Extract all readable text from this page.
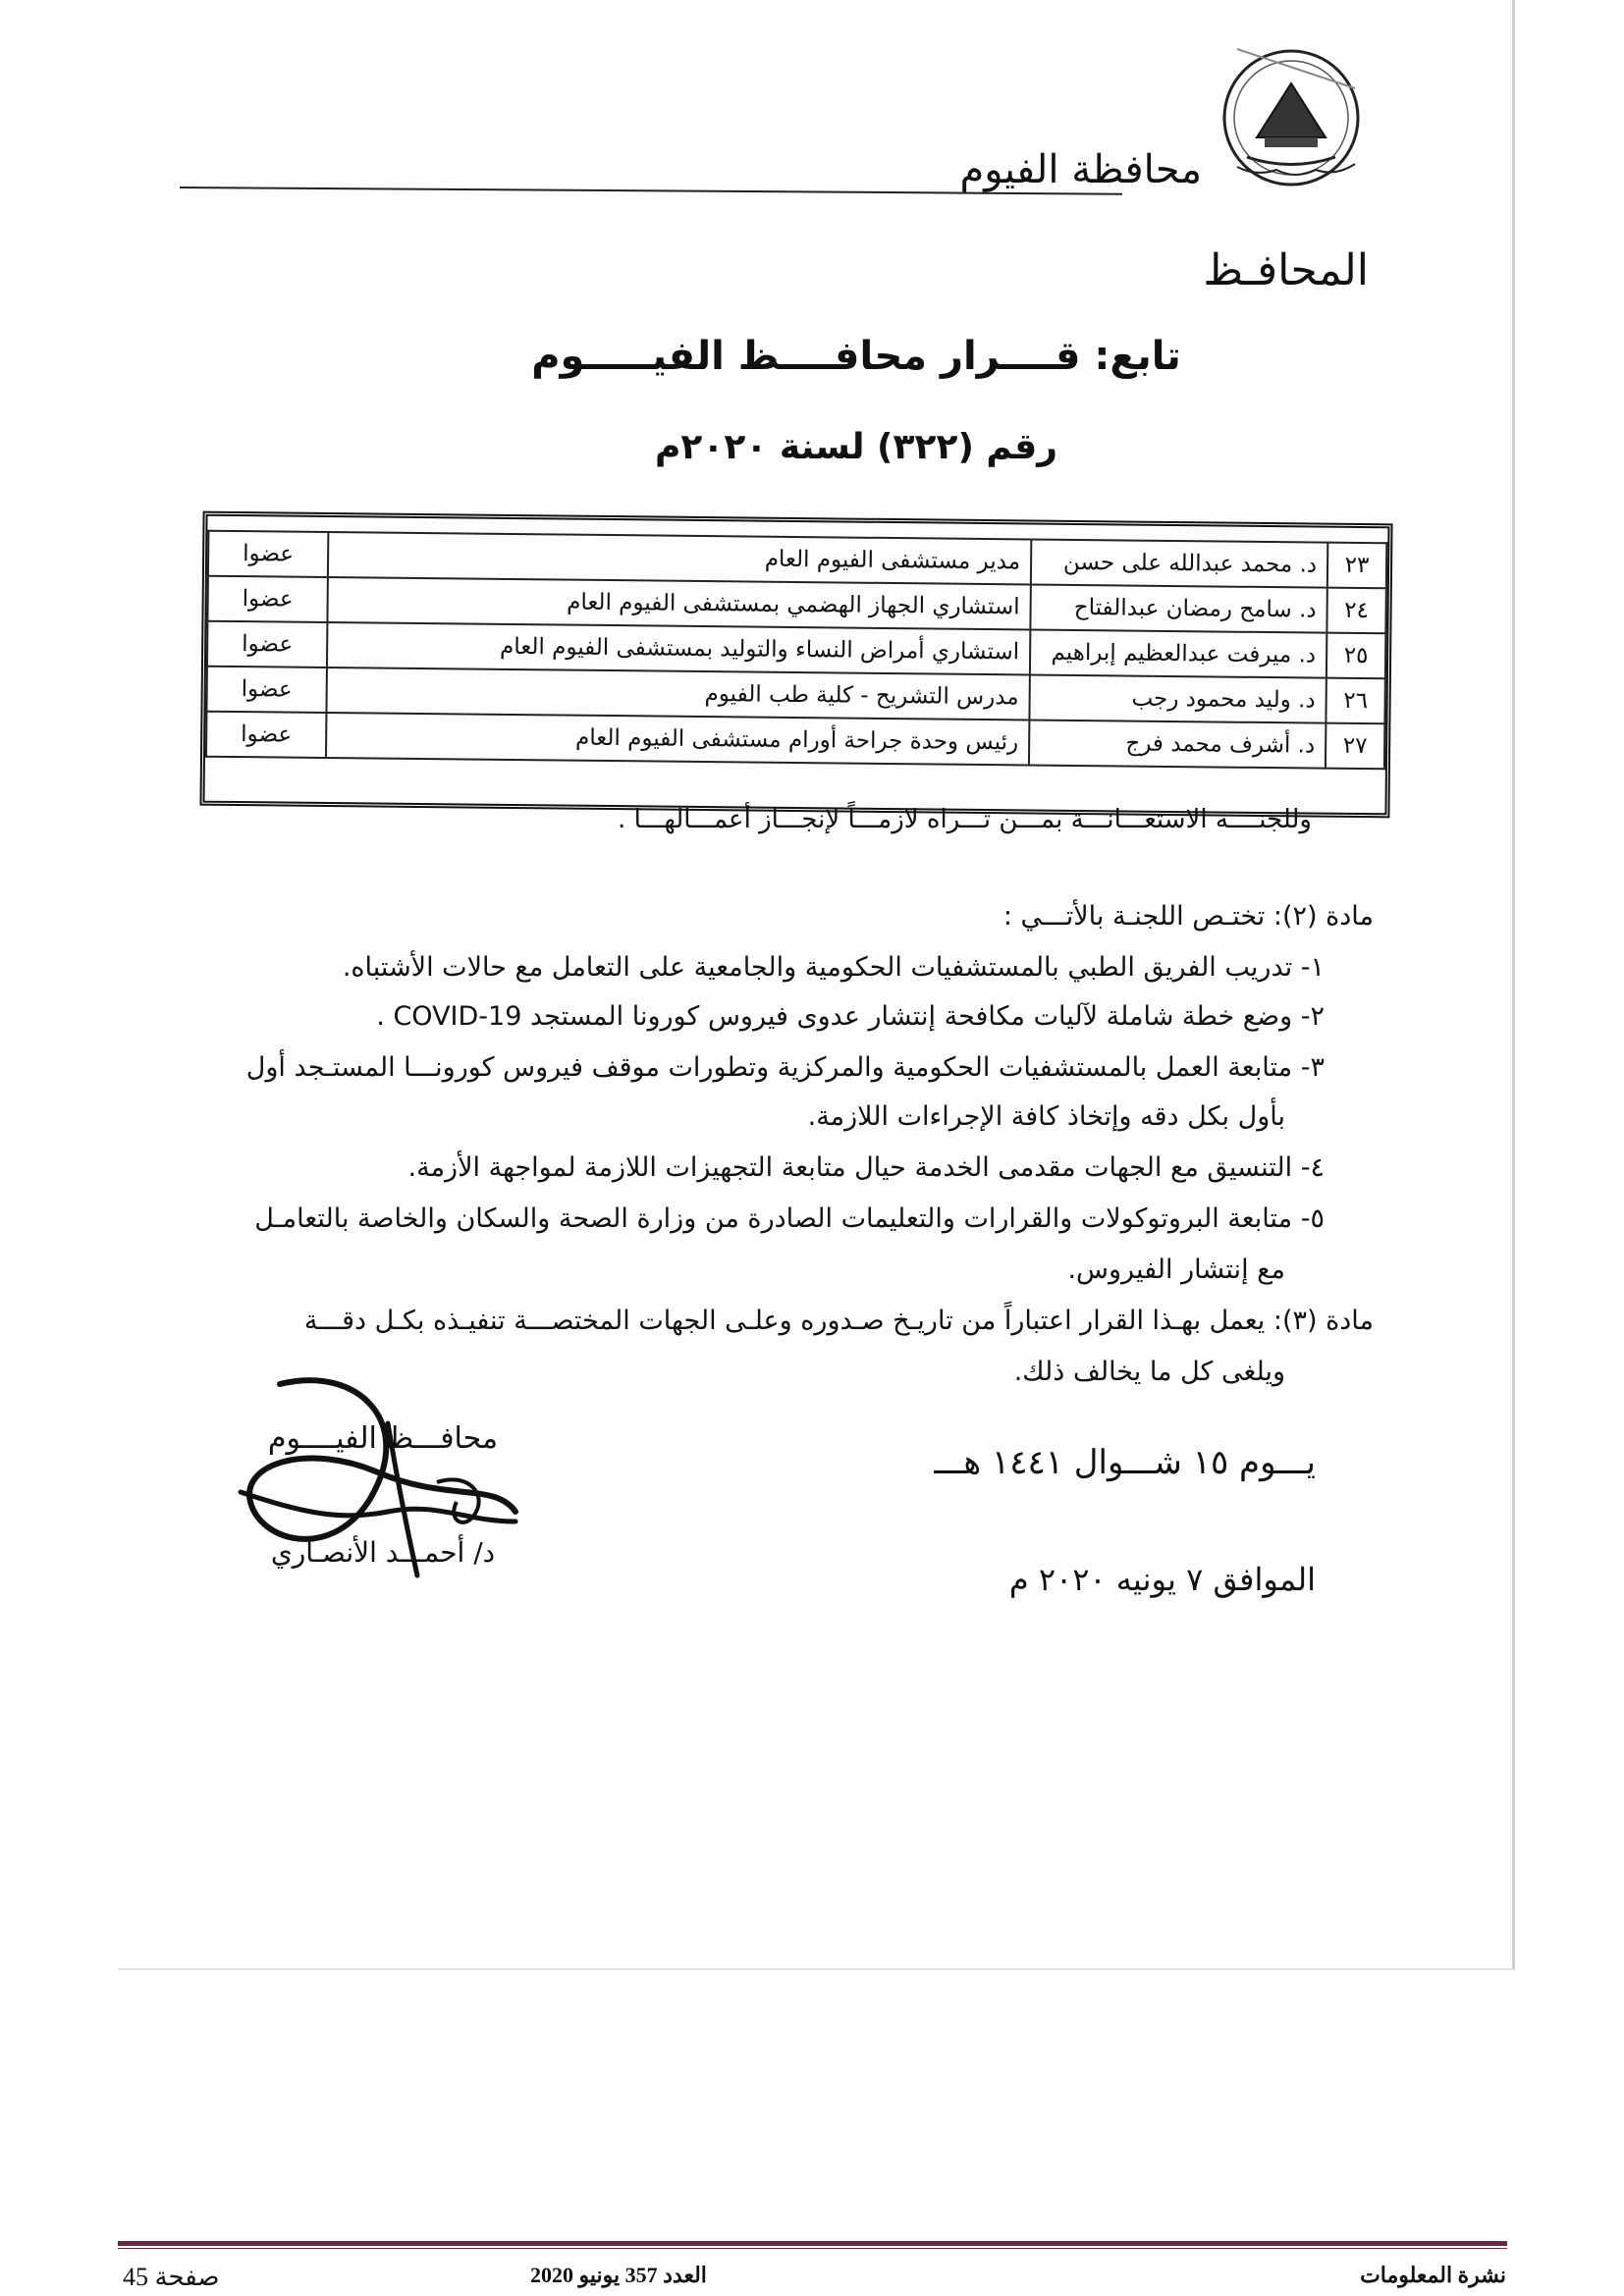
محافظة الفيوم
المحافـظ
تابع: قــــرار محافــــظ الفيـــــوم
رقم (٣٢٢) لسنة ٢٠٢٠م
٢٣	د. محمد عبدالله على حسن	مدير مستشفى الفيوم العام	عضوا
٢٤	د. سامح رمضان عبدالفتاح	استشاري الجهاز الهضمي بمستشفى الفيوم العام	عضوا
٢٥	د. ميرفت عبدالعظيم إبراهيم	استشاري أمراض النساء والتوليد بمستشفى الفيوم العام	عضوا
٢٦	د. وليد محمود رجب	مدرس التشريح - كلية طب الفيوم	عضوا
٢٧	د. أشرف محمد فرج	رئيس وحدة جراحة أورام مستشفى الفيوم العام	عضوا
وللجنــــة الاستعـــانـــة بمـــن تـــراه لازمـــاً لإنجـــاز أعمـــالهـــا .
مادة (٢): تختـص اللجنـة بالأتـــي :
١- تدريب الفريق الطبي بالمستشفيات الحكومية والجامعية على التعامل مع حالات الأشتباه.
٢- وضع خطة شاملة لآليات مكافحة إنتشار عدوى فيروس كورونا المستجد COVID-19 .
٣- متابعة العمل بالمستشفيات الحكومية والمركزية وتطورات موقف فيروس كورونـــا المستـجد أول
بأول بكل دقه وإتخاذ كافة الإجراءات اللازمة.
٤- التنسيق مع الجهات مقدمى الخدمة حيال متابعة التجهيزات اللازمة لمواجهة الأزمة.
٥- متابعة البروتوكولات والقرارات والتعليمات الصادرة من وزارة الصحة والسكان والخاصة بالتعامـل
مع إنتشار الفيروس.
مادة (٣): يعمل بهـذا القرار اعتباراً من تاريـخ صـدوره وعلـى الجهات المختصـــة تنفيـذه بكـل دقـــة
ويلغى كل ما يخالف ذلك.
محافـــظ الفيــــوم
د/ أحمـــد الأنصـاري
يـــوم ١٥ شـــوال ١٤٤١ هـــ
الموافق ٧ يونيه ٢٠٢٠ م
صفحة 45	العدد 357 يونيو 2020	نشرة المعلومات
